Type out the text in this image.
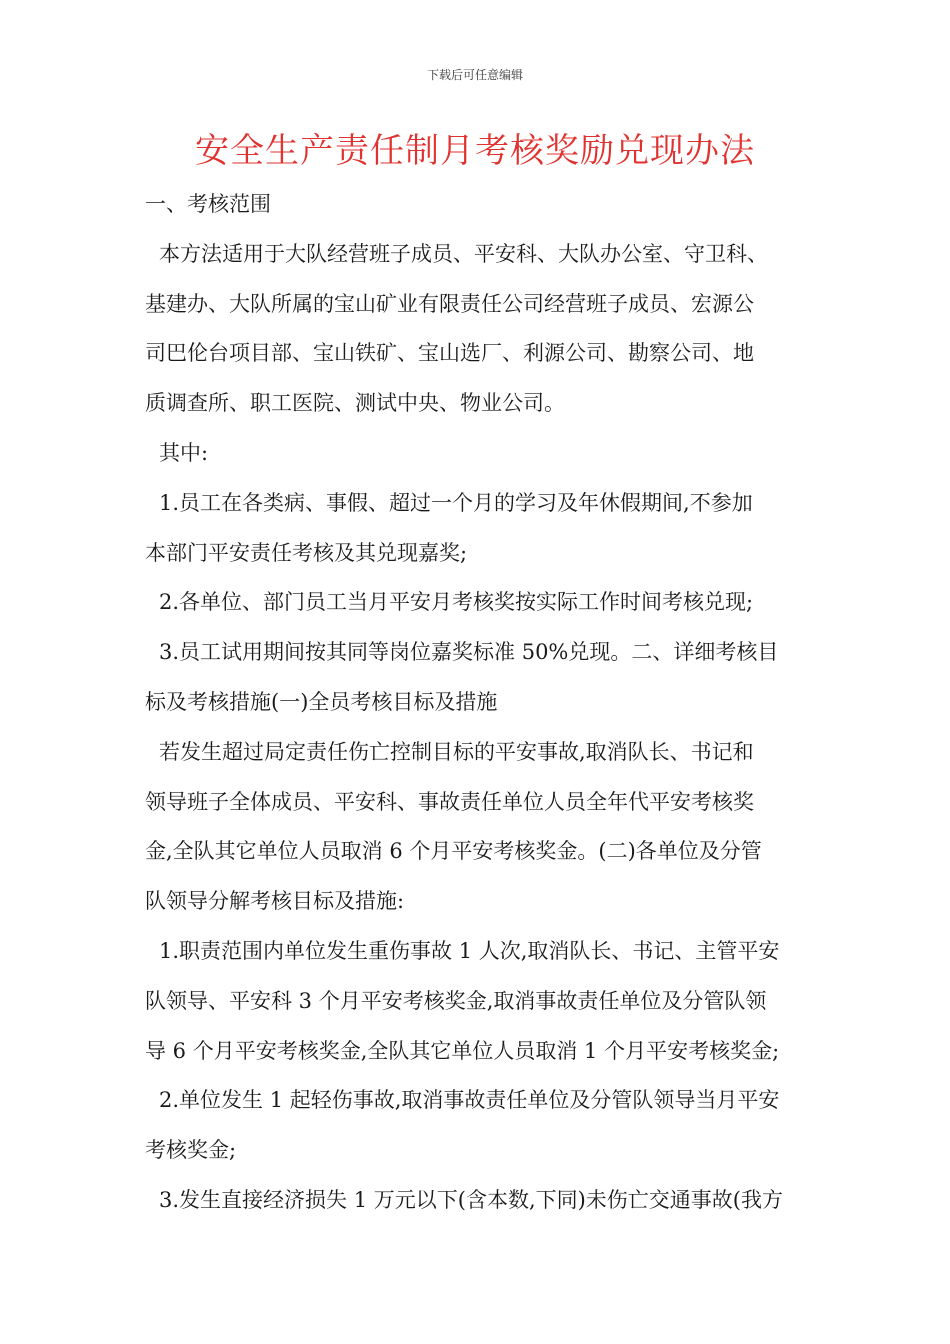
下载后可任意编辑
安全生产责任制月考核奖励兑现办法
一、考核范围
本方法适用于大队经营班子成员、平安科、大队办公室、守卫科、
基建办、大队所属的宝山矿业有限责任公司经营班子成员、宏源公
司巴伦台项目部、宝山铁矿、宝山选厂、利源公司、勘察公司、地
质调查所、职工医院、测试中央、物业公司。
其中:
1.员工在各类病、事假、超过一个月的学习及年休假期间,不参加
本部门平安责任考核及其兑现嘉奖;
2.各单位、部门员工当月平安月考核奖按实际工作时间考核兑现;
3.员工试用期间按其同等岗位嘉奖标准 50%兑现。二、详细考核目
标及考核措施(一)全员考核目标及措施
若发生超过局定责任伤亡控制目标的平安事故,取消队长、书记和
领导班子全体成员、平安科、事故责任单位人员全年代平安考核奖
金,全队其它单位人员取消 6 个月平安考核奖金。(二)各单位及分管
队领导分解考核目标及措施:
1.职责范围内单位发生重伤事故 1 人次,取消队长、书记、主管平安
队领导、平安科 3 个月平安考核奖金,取消事故责任单位及分管队领
导 6 个月平安考核奖金,全队其它单位人员取消 1 个月平安考核奖金;
2.单位发生 1 起轻伤事故,取消事故责任单位及分管队领导当月平安
考核奖金;
3.发生直接经济损失 1 万元以下(含本数,下同)未伤亡交通事故(我方
